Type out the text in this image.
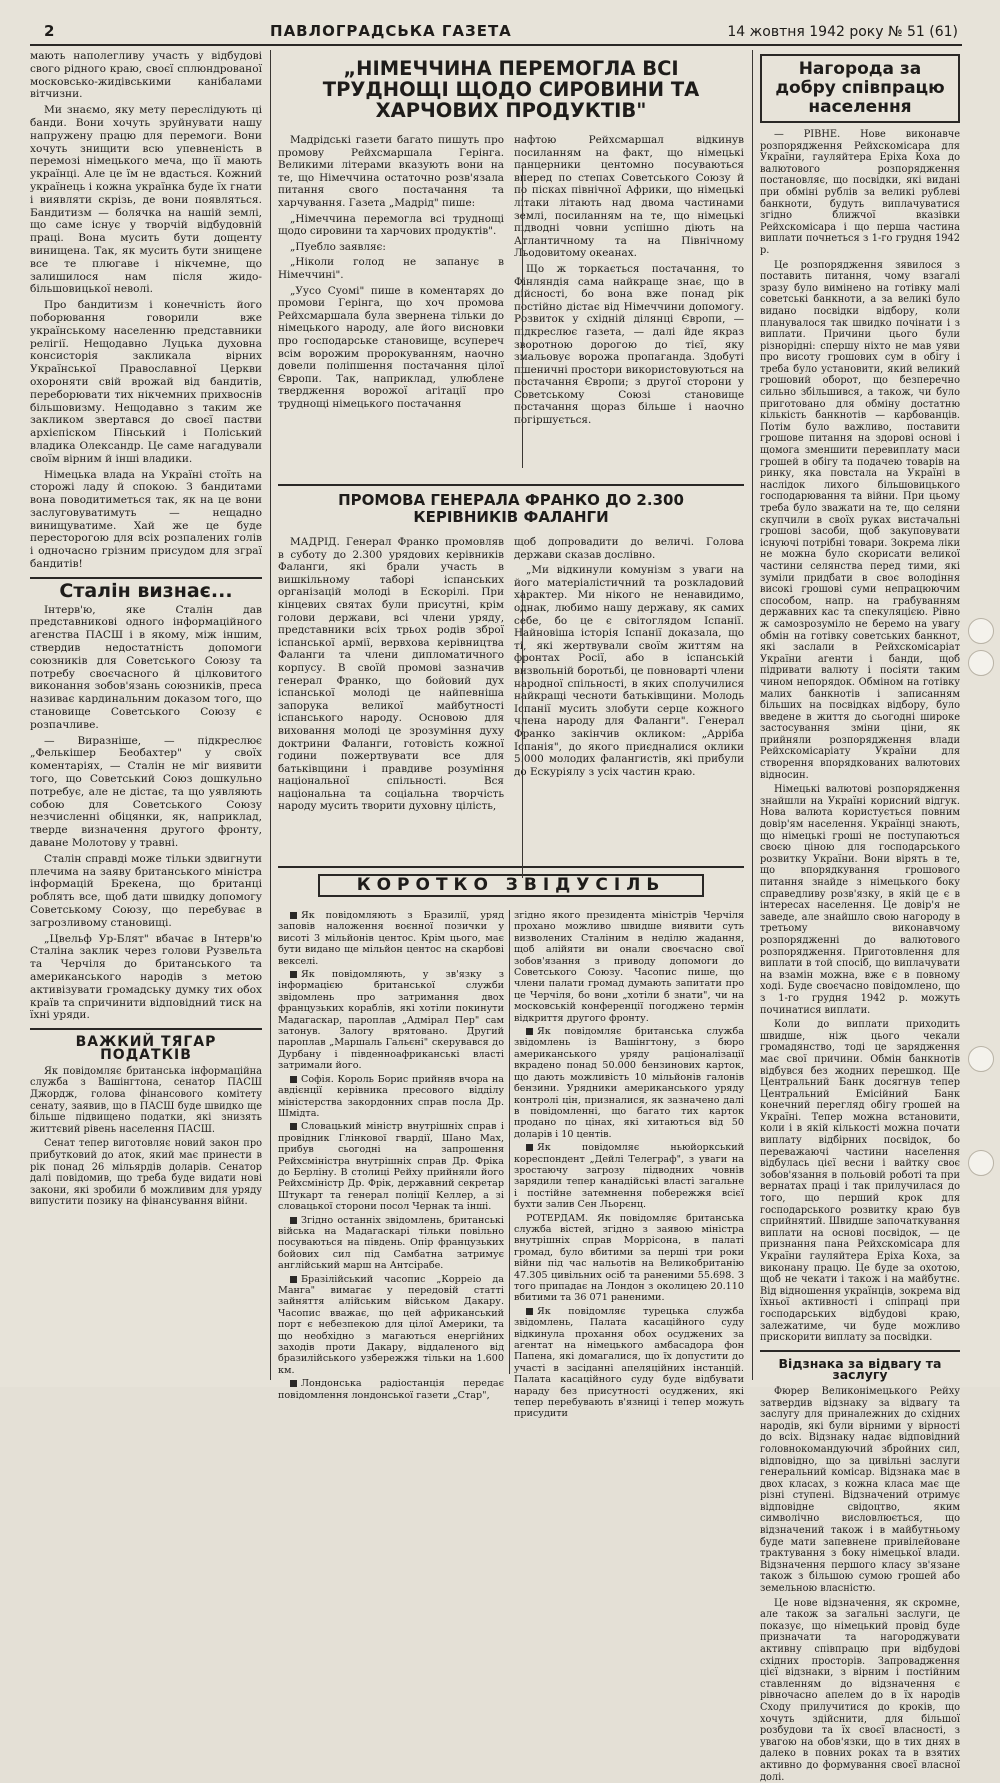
2	ПАВЛОГРАДСЬКА ГАЗЕТА	14 жовтня 1942 року № 51 (61)

мають наполегливу участь у відбудові свого рідного краю, своєї сплюндрованої московсько-жидівськими канібалами вітчизни.

Ми знаємо, яку мету переслідують ці банди. Вони хочуть зруйнувати нашу напружену працю для перемоги. Вони хочуть знищити всю упевненість в перемозі німецького меча, що її мають українці. Але це їм не вдасться. Кожний українець і кожна українка буде їх гнати і виявляти скрізь, де вони появляться. Бандитизм — болячка на нашій землі, що саме існує у творчій відбудовній праці. Вона мусить бути дощенту винищена. Так, як мусить бути знищене все те плюгаве і нікчемне, що залишилося нам після жидо-більшовицької неволі.

Про бандитизм і конечність його поборювання говорили вже українському населенню представники релігії. Нещодавно Луцька духовна консисторія закликала вірних Української Православної Церкви охороняти свій врожай від бандитів, переборювати тих нікчемних прихвоснів більшовизму. Нещодавно з таким же закликом звертався до своєї пастви архієпіском Пінський і Поліський владика Олександр. Це саме нагадували своїм вірним й інші владики.

Німецька влада на Україні стоїть на сторожі ладу й спокою. З бандитами вона поводитиметься так, як на це вони заслуговуватимуть — нещадно винищуватиме. Хай же це буде пересторогою для всіх розпалених голів і одночасно грізним присудом для зграї бандитів!

Сталін визнає...

Інтерв'ю, яке Сталін дав представникові одного інформаційного агенства ПАСШ і в якому, між іншим, ствердив недостатність допомоги союзників для Советського Союзу та потребу своєчасного й цілковитого виконання зобов'язань союзників, преса називає кардинальним доказом того, що становище Советського Союзу є розпачливе.

— Виразніше, — підкреслює „Фелькішер Беобахтер" у своїх коментаріях, — Сталін не міг виявити того, що Советський Союз дошкульно потребує, але не дістає, та що уявляють собою для Советського Союзу незчисленні обіцянки, як, наприклад, тверде визначення другого фронту, даване Молотову у травні.

Сталін справді може тільки здвигнути плечима на заяву британського міністра інформацій Брекена, що британці роблять все, щоб дати швидку допомогу Советському Союзу, що перебуває в загрозливому становищі.

„Цвельф Ур-Блят" вбачає в Інтерв'ю Сталіна заклик через голови Рузвельта та Черчіля до британського та американського народів з метою активізувати громадську думку тих обох країв та спричинити відповідний тиск на їхні уряди.

ВАЖКИЙ ТЯГАР ПОДАТКІВ

Як повідомляє британська інформаційна служба з Вашінгтона, сенатор ПАСШ Джордж, голова фінансового комітету сенату, заявив, що в ПАСШ буде швидко ще більше підвищено податки, які знизять життєвий рівень населення ПАСШ.

Сенат тепер виготовляє новий закон про прибутковий до аток, який має принести в рік понад 26 мільярдів доларів. Сенатор далі повідомив, що треба буде видати нові закони, які зробили б можливим для уряду випустити позику на фінансування війни.

„НІМЕЧЧИНА ПЕРЕМОГЛА ВСІ ТРУДНОЩІ ЩОДО СИРОВИНИ ТА ХАРЧОВИХ ПРОДУКТІВ"

Мадрідські газети багато пишуть про промову Рейхсмаршала Герінга. Великими літерами вказують вони на те, що Німеччина остаточно розв'язала питання свого постачання та харчування. Газета „Мадрід" пише:

„Німеччина перемогла всі труднощі щодо сировини та харчових продуктів".

„Пуебло заявляє:

„Ніколи голод не запанує в Німеччині".

„Уусо Суомі" пише в коментарях до промови Герінга, що хоч промова Рейхсмаршала була звернена тільки до німецького народу, але його висновки про господарське становище, всупереч всім ворожим пророкуванням, наочно довели поліпшення постачання цілої Європи. Так, наприклад, улюблене твердження ворожої агітації про труднощі німецького постачання

нафтою Рейхсмаршал відкинув посиланням на факт, що німецькі панцерники центомно посуваються вперед по степах Советського Союзу й по пісках північної Африки, що німецькі літаки літають над двома частинами землі, посиланням на те, що німецькі підводні човни успішно діють на Атлантичному та на Північному Льодовитому океанах.

Що ж торкається постачання, то Фінляндія сама найкраще знає, що в дійсності, бо вона вже понад рік постійно дістає від Німеччини допомогу. Розвиток у східній ділянці Європи, — підкреслює газета, — далі йде якраз зворотною дорогою до тієї, яку змальовує ворожа пропаганда. Здобуті пшеничні простори використовуються на постачання Європи; з другої сторони у Советському Союзі становище постачання щораз більше і наочно погіршується.

ПРОМОВА ГЕНЕРАЛА ФРАНКО ДО 2.300 КЕРІВНИКІВ ФАЛАНГИ

МАДРІД. Генерал Франко промовляв в суботу до 2.300 урядових керівників Фаланги, які брали участь в вишкільному таборі іспанських організацій молоді в Ескорілі. При кінцевих святах були присутні, крім голови держави, всі члени уряду, представники всіх трьох родів зброї іспанської армії, вервхова керівництва Фаланги та члени дипломатичного корпусу. В своїй промові зазначив генерал Франко, що бойовий дух іспанської молоді це найпевніша запорука великої майбутності іспанського народу. Основою для виховання молоді це зрозуміння духу доктрини Фаланги, готовість кожної години пожертвувати все для батьківщини і правдиве розуміння національної спільності. Вся національна та соціальна творчість народу мусить творити духовну цілість,

щоб допровадити до величі. Голова держави сказав дослівно.

„Ми відкинули комунізм з уваги на його матеріалістичний та розкладовий характер. Ми нікого не ненавидимо, однак, любимо нашу державу, як самих себе, бо це є світоглядом Іспанії. Найновіша історія Іспанії доказала, що ті, які жертвували своїм життям на фронтах Росії, або в іспанській визвольній боротьбі, це повноварті члени народної спільності, в яких сполучилися найкращі чесноти батьківщини. Молодь Іспанії мусить злобути серце кожного члена народу для Фаланги". Генерал Франко закінчив окликом: „Арріба Іспанія", до якого приєдналися оклики 5.000 молодих фалангистів, які прибули до Ескуріялу з усіх частин краю.

КОРОТКО ЗВІДУСІЛЬ

Як повідомляють з Бразилії, уряд заповів наложення воєнної позички у висоті 3 мільйонів центос. Крім цього, має бути видано ще мільйон центос на скарбові векселі.

Як повідомляють, у зв'язку з інформацією британської служби звідомлень про затримання двох французьких кораблів, які хотіли покинути Мадагаскар, пароплав „Адмірал Пер" сам затонув. Залогу врятовано. Другий пароплав „Маршаль Гальєні" скерувався до Дурбану і південноафриканські власті затримали його.

Софія. Король Борис прийняв вчора на авдієнції керівника пресового відділу міністерства закордонних справ посла Др. Шмідта.

Словацький міністр внутрішніх справ і провідник Глінкової гвардії, Шано Мах, прибув сьогодні на запрошення Рейхсміністра внутрішніх справ Др. Фріка до Берліну. В столиці Рейху прийняли його Рейхсміністр Др. Фрік, державний секретар Штукарт та генерал поліції Келлер, а зі словацької сторони посол Чернак та інші.

Згідно останніх звідомлень, британські війська на Мадагаскарі тільки повільно посуваються на південь. Опір французьких бойових сил під Самбатна затримує англійський марш на Антсірабе.

Бразілійський часопис „Корреіо да Манга" вимагає у передовій статті зайняття алійським військом Дакару. Часопис вважає, що цей африканський порт є небезпекою для цілої Америки, та що необхідно з магаються енергійних заходів проти Дакару, віддаленого від бразилійського узбережжя тільки на 1.600 км.

Лондонська радіостанція передає повідомлення лондонської газети „Стар",

згідно якого президента міністрів Черчіля прохано можливо швидше виявити суть визволених Сталіним в неділю жадання, щоб алійяти ви онали своєчасно свої зобов'язання з приводу допомоги до Советського Союзу. Часопис пише, що члени палати громад думають запитати про це Черчіля, бо вони „хотіли б знати", чи на московській конференції погоджено термін відкриття другого фронту.

Як повідомляє британська служба звідомлень із Вашінгтону, з бюро американського уряду раціоналізації вкрадено понад 50.000 бензинових карток, що дають можливість 10 мільйонів галонів бензини. Урядники американського уряду контролі цін, призналися, як зазначено далі в повідомленні, що багато тих карток продано по цінах, які хитаються від 50 доларів і 10 центів.

Як повідомляє ньюйоркський кореспондент „Дейлі Телеграф", з уваги на зростаючу загрозу підводних човнів зарядили тепер канадійські власті загальне і постійне затемнення побережжя всієї бухти залив Сен Льорєнц.

РОТЕРДАМ. Як повідомляє британська служба вістей, згідно з заявою міністра внутрішніх справ Моррісона, в палаті громад, було вбитими за перші три роки війни під час нальотів на Великобританію 47.305 цивільних осіб та раненими 55.698. З того припадає на Лондон з околицею 20.110 вбитими та 36 071 раненими.

Як повідомляє турецька служба звідомлень, Палата касаційного суду відкинула прохання обох осуджених за агентат на німецького амбасадора фон Папена, які домагалися, що їх допустити до участі в засіданні апеляційних інстанцій. Палата касаційного суду буде відбувати нараду без присутності осуджених, які тепер перебувають в'язниці і тепер можуть присудити

Нагорода за добру співпрацю населення

— РІВНЕ. Нове виконавче розпорядження Рейхскомісара для України, гауляйтера Еріха Коха до валютового розпорядження постановляє, що посвідки, які видані при обміні рублів за великі рублеві банкноти, будуть виплачуватися згідно ближчої вказівки Рейхскомісара і що перша частина виплати почнеться з 1-го грудня 1942 р.

Це розпорядження зявилося з поставить питання, чому взагалі зразу було вимінено на готівку малі советські банкноти, а за великі було видано посвідки відбору, коли планувалося так швидко почінати і з виплати. Причини цього були різнорідні: спершу ніхто не мав уяви про висоту грошових сум в обігу і треба було установити, який великий грошовий оборот, що безперечно сильно збільшився, а також, чи було приготовано для обміну достатню кількість банкнотів — карбованців. Потім було важливо, поставити грошове питання на здорові основі і щомога зменшити перевиплату маси грошей в обігу та подачею товарів на ринку, яка повстала на Україні в наслідок лихого більшовицького господарювання та війни. При цьому треба було зважати на те, що селяни скупчили в своїх руках вистачальні грошові засоби, щоб закуповувати існуючі потрібні товари. Зокрема ліки не можна було скорисати великої частини селянства перед тими, які зуміли придбати в своє володіння високі грошові суми непрацюючим способом, напр. на грабуванням державних кас та спекуляцією. Рівно ж самозрозуміло не беремо на увагу обмін на готівку советських банкнот, які заслали в Рейхскомісаріат України агенти і банди, щоб підривати валюту і посіяти таким чином непорядок. Обміном на готівку малих банкнотів і записанням більших на посвідках відбору, було введене в життя до сьогодні широке застосування зміни ціни, як прийняли розпорядження влади Рейхскомісаріату України для створення впорядкованих валютових відносин.

Німецькі валютові розпорядження знайшли на Україні корисний відгук. Нова валюта користується повним довір'ям населення. Українці знають, що німецькі гроші не поступаються своєю ціною для господарського розвитку України. Вони вірять в те, що впорядкування грошового питання знайде з німецького боку справедливу розв'язку, в якій це є в інтересах населення. Це довір'я не заведе, але знайшло свою нагороду в третьому виконавчому розпорядженні до валютового розпорядження. Приготовлення для виплати в той спосіб, що виплачувати на взамін можна, вже є в повному ході. Буде своєчасно повідомлено, що з 1-го грудня 1942 р. можуть починатися виплати.

Коли до виплати приходить швидше, ніж цього чекали громадянство, тоді це зарядження має свої причини. Обмін банкнотів відбувся без жодних перешкод. Ще Центральний Банк досягнув тепер Центральний Емісійний Банк конечний перегляд обігу грошей на Україні. Тепер можна встановити, коли і в якій кількості можна почати виплату відбірних посвідок, бо переважаючі частини населення відбулась цієї весни і вайтку своє зобов'язання в польовій роботі та при вернатах праці і так прилучилася до того, що перший крок для господарського розвитку краю був сприйнятий. Швидше започаткування виплати на основі посвідок, — це признання пана Рейхскомісара для України гауляйтера Еріха Коха, за виконану працю. Це буде за охотою, щоб не чекати і також і на майбутнє. Від відношення українців, зокрема від їхньої активності і спіпраці при господарських відбудові краю, залежатиме, чи буде можливо прискорити виплату за посвідки.

Відзнака за відвагу та заслугу

Фюрер Великонімецького Рейху затвердив відзнаку за відвагу та заслугу для приналежних до східних народів, які були вірними у вірності до всіх. Відзнаку надає відповідний головнокомандуючий збройних сил, відповідно, що за цивільні заслуги генеральний комісар. Відзнака має в двох класах, з кожна класа має ще різні ступені. Відзначений отримує відповідне свідоцтво, яким символічно висловлюється, що відзначений також і в майбутньому буде мати запевнене привілейоване трактування з боку німецької влади. Відзначення першого класу зв'язане також з більшою сумою грошей або земельною власністю.

Це нове відзначення, як скромне, але також за загальні заслуги, це показує, що німецький провід буде призначати та нагороджувати активну співпрацю при відбудові східних просторів. Запровадження цієї відзнаки, з вірним і постійним ставленням до відзначення є рівночасно апелем до в їх народів Сходу прилучитися до кроків, що хочуть здійснити, для більшої розбудови та їх своєї власності, з увагою на обов'язки, що в тих днях в далеко в повних роках та в взятих активно до формування своєї власної долі.
